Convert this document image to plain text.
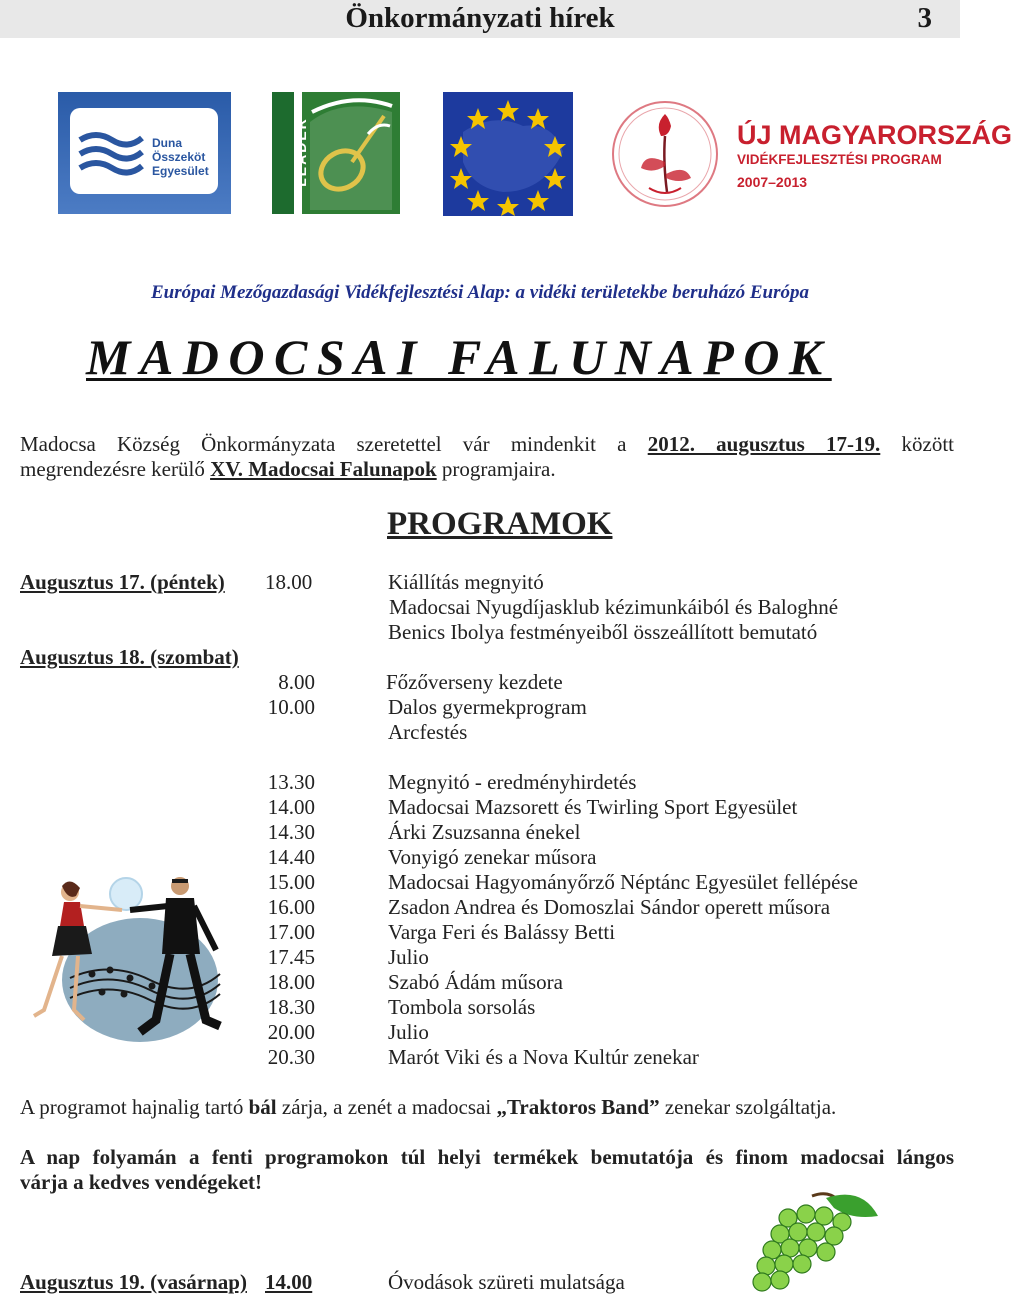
Önkormányzati hírek	3
Duna
Összeköt
Egyesület	LEADER	ÚJ MAGYARORSZÁG
VIDÉKFEJLESZTÉSI PROGRAM
2007–2013
Európai Mezőgazdasági Vidékfejlesztési Alap: a vidéki területekbe beruházó Európa
MADOCSAI FALUNAPOK
Madocsa Község Önkormányzata szeretettel vár mindenkit a 2012. augusztus 17-19. között
megrendezésre kerülő XV. Madocsai Falunapok programjaira.
PROGRAMOK
Augusztus 17. (péntek) 18.00	Kiállítás megnyitó
Madocsai Nyugdíjasklub kézimunkáiból és Baloghné
Benics Ibolya festményeiből összeállított bemutató
Augusztus 18. (szombat)
8.00	Főzőverseny kezdete
10.00	Dalos gyermekprogram
Arcfestés
13.30	Megnyitó - eredményhirdetés
14.00	Madocsai Mazsorett és Twirling Sport Egyesület
14.30	Árki Zsuzsanna énekel
14.40	Vonyigó zenekar műsora
15.00	Madocsai Hagyományőrző Néptánc Egyesület fellépése
16.00	Zsadon Andrea és Domoszlai Sándor operett műsora
17.00	Varga Feri és Balássy Betti
17.45	Julio
18.00	Szabó Ádám műsora
18.30	Tombola sorsolás
20.00	Julio
20.30	Marót Viki és a Nova Kultúr zenekar
A programot hajnalig tartó bál zárja, a zenét a madocsai „Traktoros Band” zenekar szolgáltatja.
A nap folyamán a fenti programokon túl helyi termékek bemutatója és finom madocsai lángos
várja a kedves vendégeket!
Augusztus 19. (vasárnap) 14.00	Óvodások szüreti mulatsága
